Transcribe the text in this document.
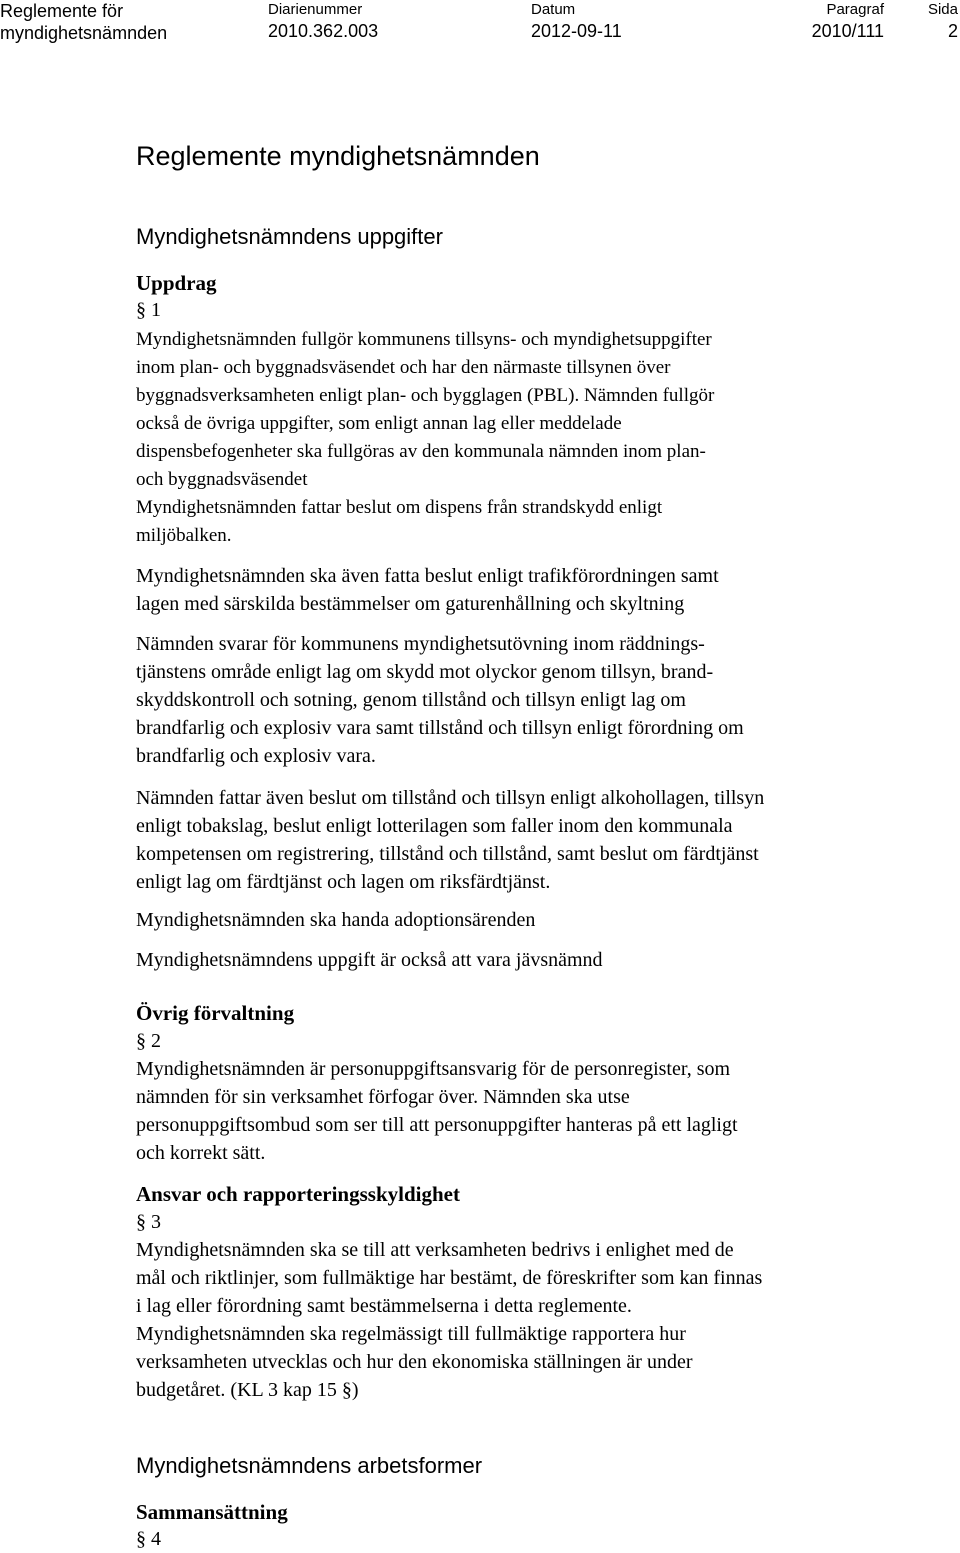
Reglemente för
myndighetsnämnden
Diarienummer
2010.362.003
Datum
2012-09-11
Paragraf
2010/111
Sida
2
Reglemente myndighetsnämnden
Myndighetsnämndens uppgifter
Uppdrag
§ 1
Myndighetsnämnden fullgör kommunens tillsyns- och myndighetsuppgifter
inom plan- och byggnadsväsendet och har den närmaste tillsynen över
byggnadsverksamheten enligt plan- och bygglagen (PBL). Nämnden fullgör
också de övriga uppgifter, som enligt annan lag eller meddelade
dispensbefogenheter ska fullgöras av den kommunala nämnden inom plan-
och byggnadsväsendet
Myndighetsnämnden fattar beslut om dispens från strandskydd enligt
miljöbalken.
Myndighetsnämnden ska även fatta beslut enligt trafikförordningen samt
lagen med särskilda bestämmelser om gaturenhållning och skyltning
Nämnden svarar för kommunens myndighetsutövning inom räddnings-
tjänstens område enligt lag om skydd mot olyckor genom tillsyn, brand-
skyddskontroll och sotning, genom tillstånd och tillsyn enligt lag om
brandfarlig och explosiv vara samt tillstånd och tillsyn enligt förordning om
brandfarlig och explosiv vara.
Nämnden fattar även beslut om tillstånd och tillsyn enligt alkohollagen, tillsyn
enligt tobakslag, beslut enligt lotterilagen som faller inom den kommunala
kompetensen om registrering, tillstånd och tillstånd, samt beslut om färdtjänst
enligt lag om färdtjänst och lagen om riksfärdtjänst.
Myndighetsnämnden ska handa adoptionsärenden
Myndighetsnämndens uppgift är också att vara jävsnämnd
Övrig förvaltning
§ 2
Myndighetsnämnden är personuppgiftsansvarig för de personregister, som
nämnden för sin verksamhet förfogar över. Nämnden ska utse
personuppgiftsombud som ser till att personuppgifter hanteras på ett lagligt
och korrekt sätt.
Ansvar och rapporteringsskyldighet
§ 3
Myndighetsnämnden ska se till att verksamheten bedrivs i enlighet med de
mål och riktlinjer, som fullmäktige har bestämt, de föreskrifter som kan finnas
i lag eller förordning samt bestämmelserna i detta reglemente.
Myndighetsnämnden ska regelmässigt till fullmäktige rapportera hur
verksamheten utvecklas och hur den ekonomiska ställningen är under
budgetåret. (KL 3 kap 15 §)
Myndighetsnämndens arbetsformer
Sammansättning
§ 4
